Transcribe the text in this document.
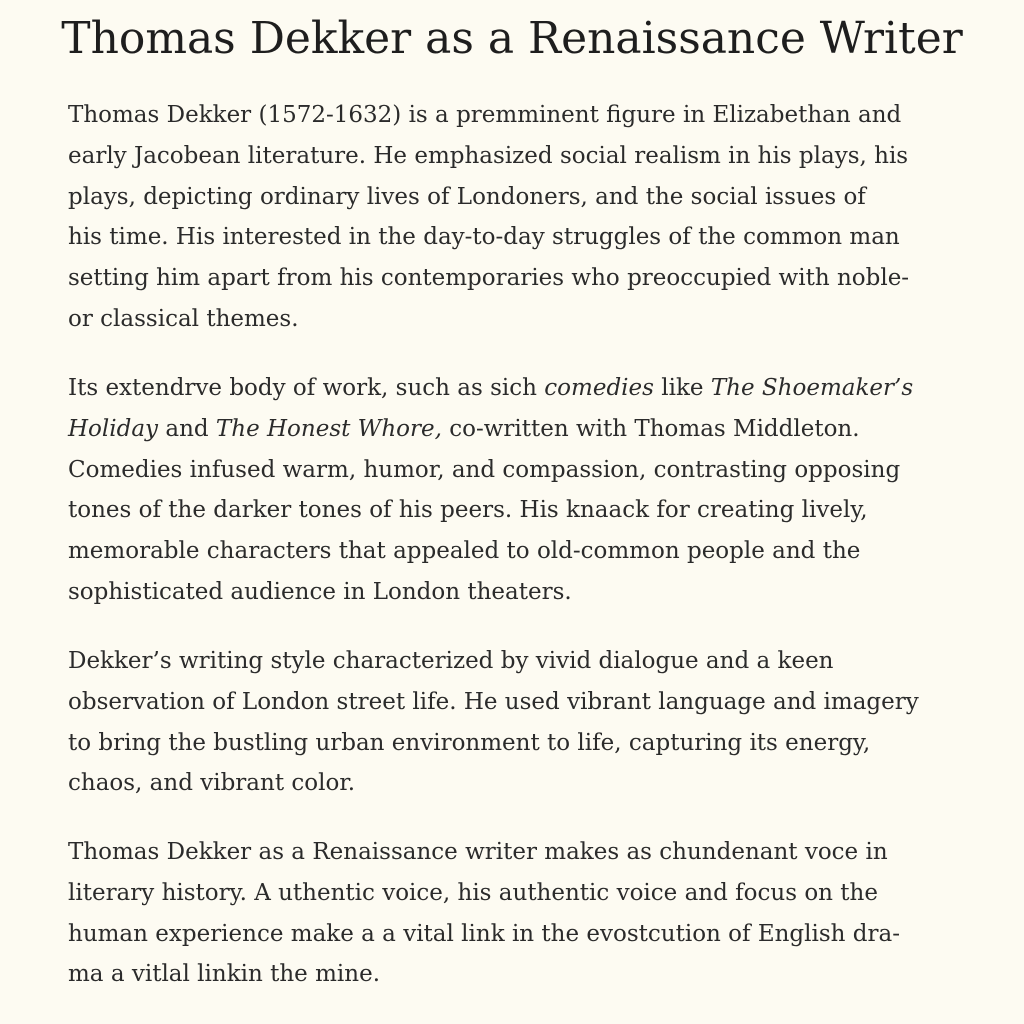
Thomas Dekker as a Renaissance Writer

Thomas Dekker (1572-1632) is a premminent figure in Elizabethan and
early Jacobean literature. He emphasized social realism in his plays, his
plays, depicting ordinary lives of Londoners, and the social issues of
his time. His interested in the day-to-day struggles of the common man
setting him apart from his contemporaries who preoccupied with noble-
or classical themes.

Its extendrve body of work, such as sich comedies like The Shoemaker’s
Holiday and The Honest Whore, co-written with Thomas Middleton.
Comedies infused warm, humor, and compassion, contrasting opposing
tones of the darker tones of his peers. His knaack for creating lively,
memorable characters that appealed to old-common people and the
sophisticated audience in London theaters.

Dekker’s writing style characterized by vivid dialogue and a keen
observation of London street life. He used vibrant language and imagery
to bring the bustling urban environment to life, capturing its energy,
chaos, and vibrant color.

Thomas Dekker as a Renaissance writer makes as chundenant voce in
literary history. A uthentic voice, his authentic voice and focus on the
human experience make a a vital link in the evostcution of English dra-
ma a vitlal linkin the mine.
